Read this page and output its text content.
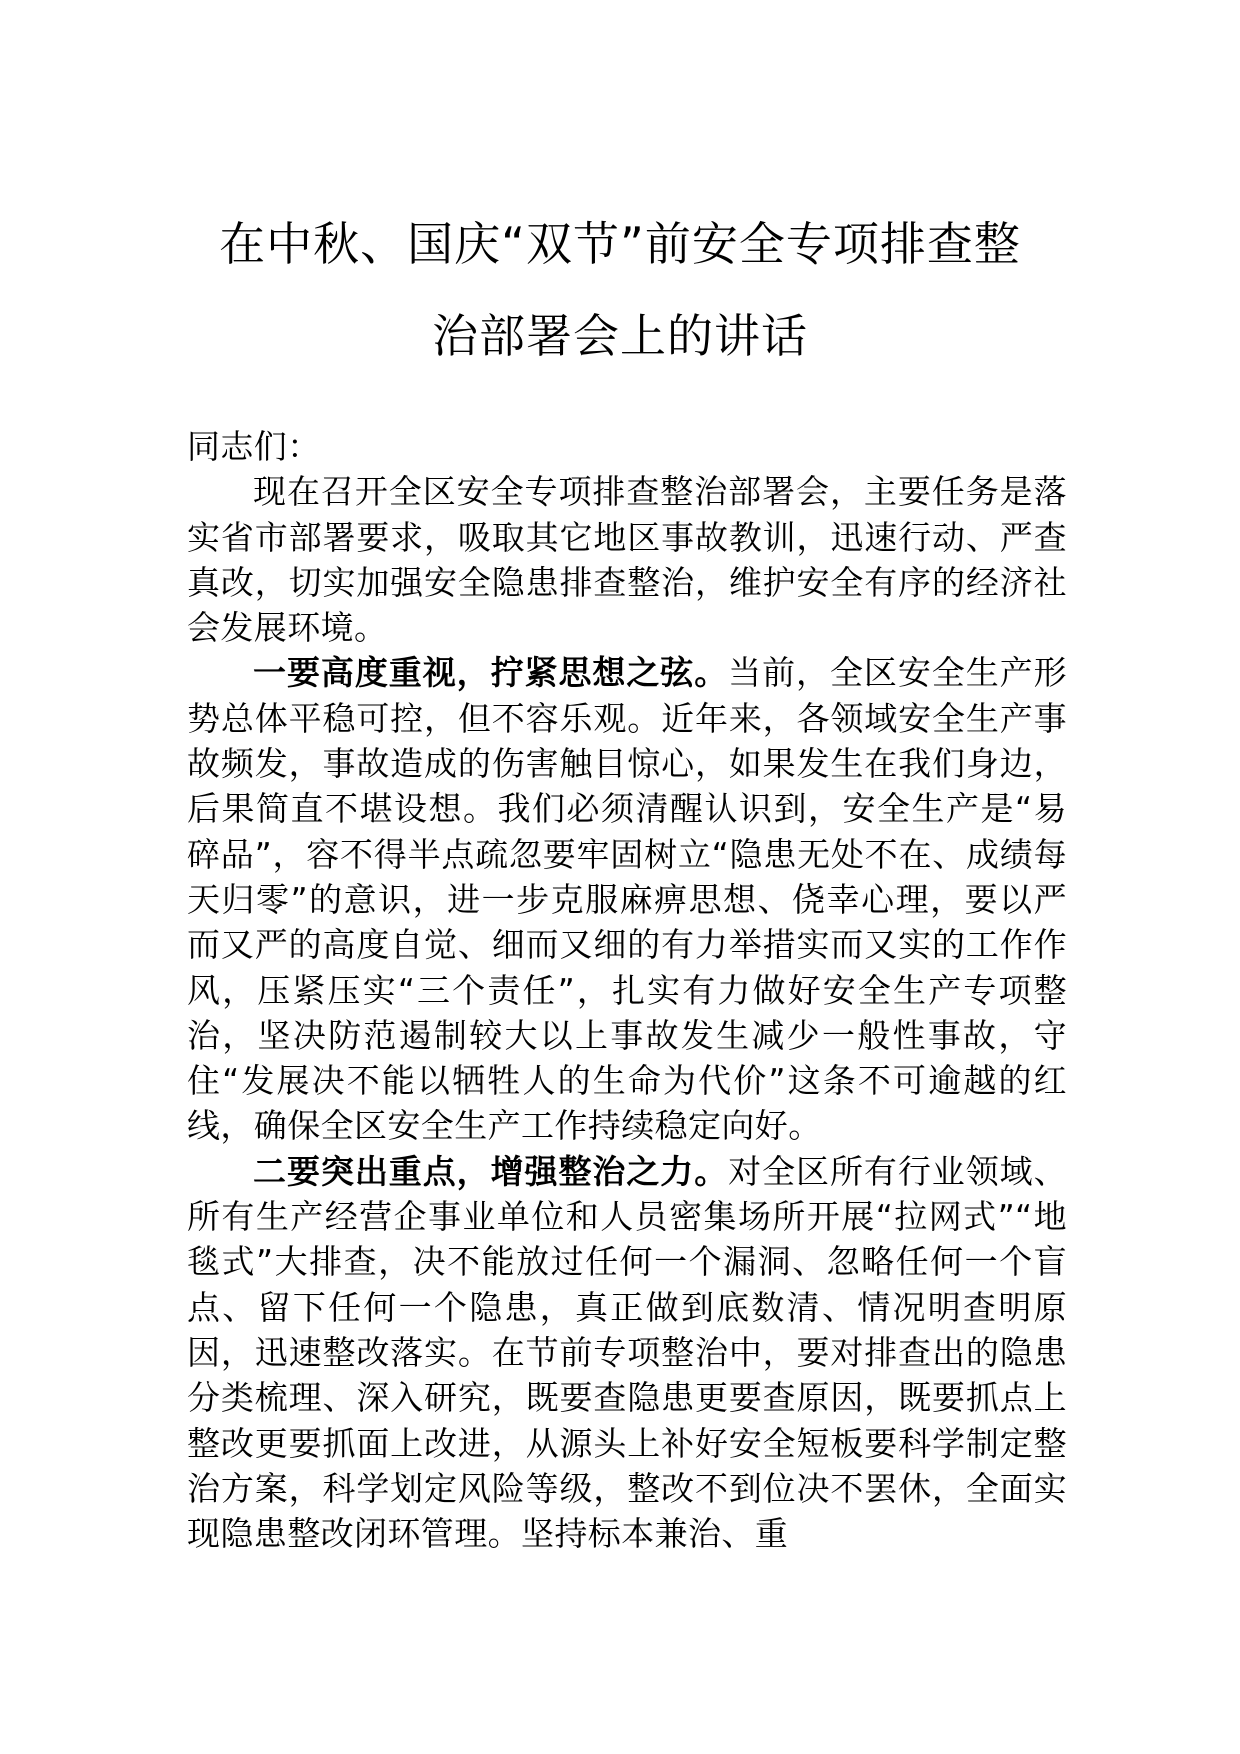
在中秋、国庆“双节”前安全专项排查整
治部署会上的讲话

同志们：

现在召开全区安全专项排查整治部署会，主要任务是落实省市部署要求，吸取其它地区事故教训，迅速行动、严查真改，切实加强安全隐患排查整治，维护安全有序的经济社会发展环境。

一要高度重视，拧紧思想之弦。当前，全区安全生产形势总体平稳可控，但不容乐观。近年来，各领域安全生产事故频发，事故造成的伤害触目惊心，如果发生在我们身边，后果简直不堪设想。我们必须清醒认识到，安全生产是“易碎品”，容不得半点疏忽要牢固树立“隐患无处不在、成绩每天归零”的意识，进一步克服麻痹思想、侥幸心理，要以严而又严的高度自觉、细而又细的有力举措实而又实的工作作风，压紧压实“三个责任”，扎实有力做好安全生产专项整治，坚决防范遏制较大以上事故发生减少一般性事故，守住“发展决不能以牺牲人的生命为代价”这条不可逾越的红线，确保全区安全生产工作持续稳定向好。

二要突出重点，增强整治之力。对全区所有行业领域、所有生产经营企事业单位和人员密集场所开展“拉网式”“地毯式”大排查，决不能放过任何一个漏洞、忽略任何一个盲点、留下任何一个隐患，真正做到底数清、情况明查明原因，迅速整改落实。在节前专项整治中，要对排查出的隐患分类梳理、深入研究，既要查隐患更要查原因，既要抓点上整改更要抓面上改进，从源头上补好安全短板要科学制定整治方案，科学划定风险等级，整改不到位决不罢休，全面实现隐患整改闭环管理。坚持标本兼治、重
